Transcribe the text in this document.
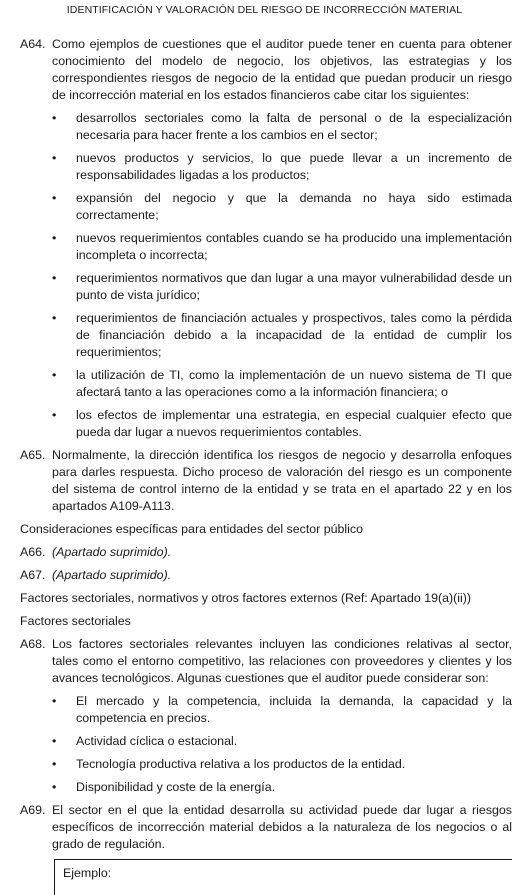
IDENTIFICACIÓN Y VALORACIÓN DEL RIESGO DE INCORRECCIÓN MATERIAL
A64. Como ejemplos de cuestiones que el auditor puede tener en cuenta para obtener conocimiento del modelo de negocio, los objetivos, las estrategias y los correspondientes riesgos de negocio de la entidad que puedan producir un riesgo de incorrección material en los estados financieros cabe citar los siguientes:
• desarrollos sectoriales como la falta de personal o de la especialización necesaria para hacer frente a los cambios en el sector;
• nuevos productos y servicios, lo que puede llevar a un incremento de responsabilidades ligadas a los productos;
• expansión del negocio y que la demanda no haya sido estimada correctamente;
• nuevos requerimientos contables cuando se ha producido una implementación incompleta o incorrecta;
• requerimientos normativos que dan lugar a una mayor vulnerabilidad desde un punto de vista jurídico;
• requerimientos de financiación actuales y prospectivos, tales como la pérdida de financiación debido a la incapacidad de la entidad de cumplir los requerimientos;
• la utilización de TI, como la implementación de un nuevo sistema de TI que afectará tanto a las operaciones como a la información financiera; o
• los efectos de implementar una estrategia, en especial cualquier efecto que pueda dar lugar a nuevos requerimientos contables.
A65. Normalmente, la dirección identifica los riesgos de negocio y desarrolla enfoques para darles respuesta. Dicho proceso de valoración del riesgo es un componente del sistema de control interno de la entidad y se trata en el apartado 22 y en los apartados A109-A113.

Consideraciones específicas para entidades del sector público

A66. (Apartado suprimido).
A67. (Apartado suprimido).

Factores sectoriales, normativos y otros factores externos (Ref: Apartado 19(a)(ii))

Factores sectoriales

A68. Los factores sectoriales relevantes incluyen las condiciones relativas al sector, tales como el entorno competitivo, las relaciones con proveedores y clientes y los avances tecnológicos. Algunas cuestiones que el auditor puede considerar son:
• El mercado y la competencia, incluida la demanda, la capacidad y la competencia en precios.
• Actividad cíclica o estacional.
• Tecnología productiva relativa a los productos de la entidad.
• Disponibilidad y coste de la energía.
A69. El sector en el que la entidad desarrolla su actividad puede dar lugar a riesgos específicos de incorrección material debidos a la naturaleza de los negocios o al grado de regulación.
Ejemplo:
